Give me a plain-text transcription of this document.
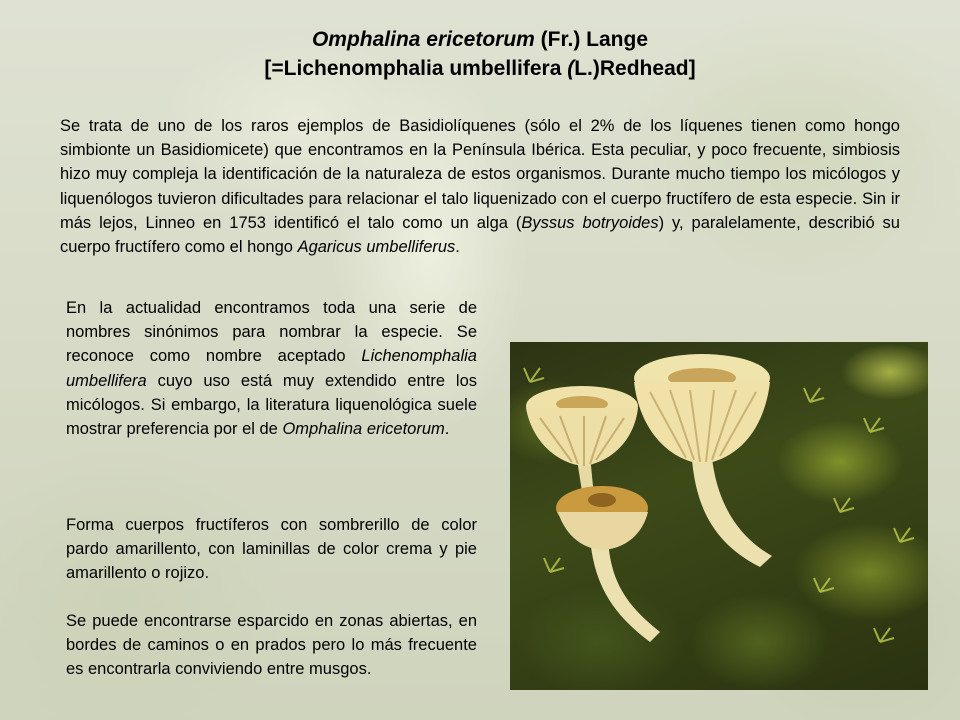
Omphalina ericetorum (Fr.) Lange
[=Lichenomphalia umbellifera (L.)Redhead]

Se trata de uno de los raros ejemplos de Basidiolíquenes (sólo el 2% de los líquenes tienen como hongo simbionte un Basidiomicete) que encontramos en la Península Ibérica. Esta peculiar, y poco frecuente, simbiosis hizo muy compleja la identificación de la naturaleza de estos organismos. Durante mucho tiempo los micólogos y liquenólogos tuvieron dificultades para relacionar el talo liquenizado con el cuerpo fructífero de esta especie. Sin ir más lejos, Linneo en 1753 identificó el talo como un alga (Byssus botryoides) y, paralelamente, describió su cuerpo fructífero como el hongo Agaricus umbelliferus.

En la actualidad encontramos toda una serie de nombres sinónimos para nombrar la especie. Se reconoce como nombre aceptado Lichenomphalia umbellifera cuyo uso está muy extendido entre los micólogos. Si embargo, la literatura liquenológica suele mostrar preferencia por el de Omphalina ericetorum.

Forma cuerpos fructíferos con sombrerillo de color pardo amarillento, con laminillas de color crema y pie amarillento o rojizo.

Se puede encontrarse esparcido en zonas abiertas, en bordes de caminos o en prados pero lo más frecuente es encontrarla conviviendo entre musgos.
